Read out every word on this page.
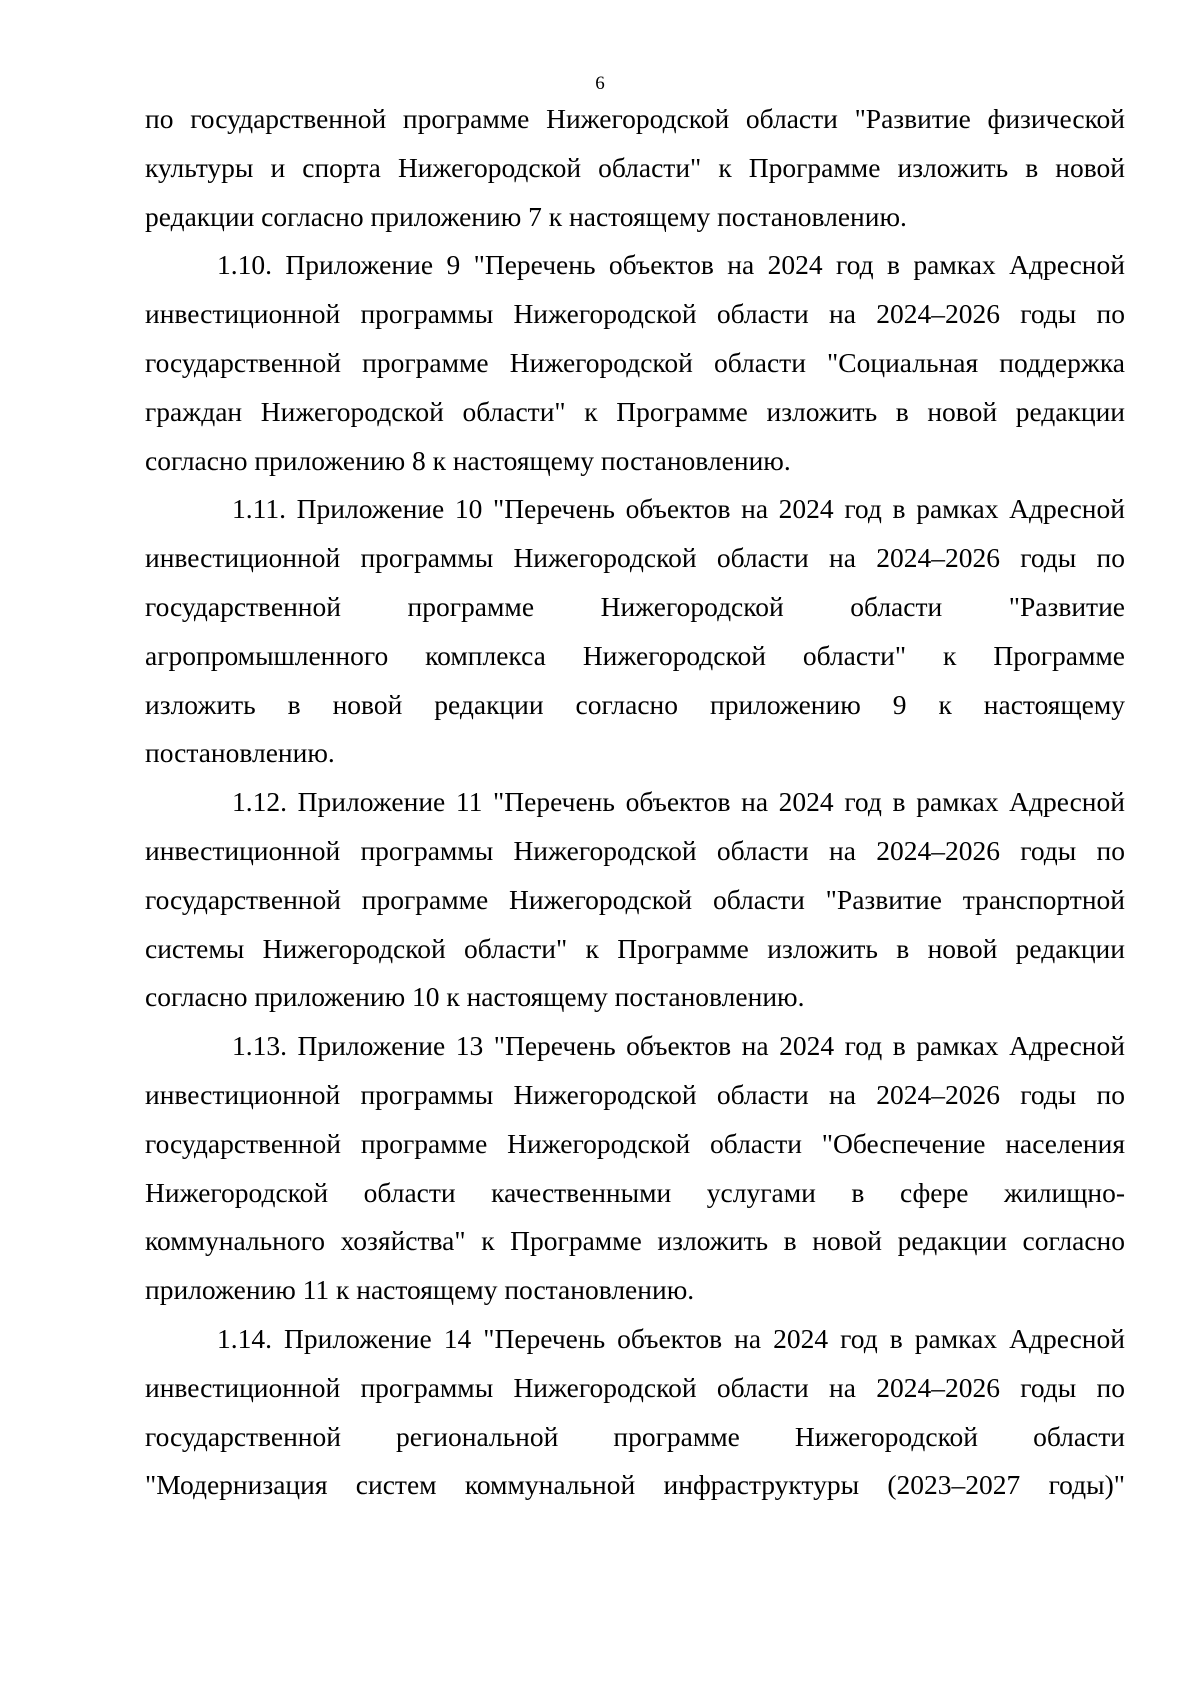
6

по государственной программе Нижегородской области "Развитие физической
культуры и спорта Нижегородской области" к Программе изложить в новой
редакции согласно приложению 7 к настоящему постановлению.

1.10. Приложение 9 "Перечень объектов на 2024 год в рамках Адресной
инвестиционной программы Нижегородской области на 2024–2026 годы по
государственной программе Нижегородской области "Социальная поддержка
граждан Нижегородской области" к Программе изложить в новой редакции
согласно приложению 8 к настоящему постановлению.

1.11. Приложение 10 "Перечень объектов на 2024 год в рамках Адресной
инвестиционной программы Нижегородской области на 2024–2026 годы по
государственной программе Нижегородской области "Развитие
агропромышленного комплекса Нижегородской области" к Программе
изложить в новой редакции согласно приложению 9 к настоящему
постановлению.

1.12. Приложение 11 "Перечень объектов на 2024 год в рамках Адресной
инвестиционной программы Нижегородской области на 2024–2026 годы по
государственной программе Нижегородской области "Развитие транспортной
системы Нижегородской области" к Программе изложить в новой редакции
согласно приложению 10 к настоящему постановлению.

1.13. Приложение 13 "Перечень объектов на 2024 год в рамках Адресной
инвестиционной программы Нижегородской области на 2024–2026 годы по
государственной программе Нижегородской области "Обеспечение населения
Нижегородской области качественными услугами в сфере жилищно-
коммунального хозяйства" к Программе изложить в новой редакции согласно
приложению 11 к настоящему постановлению.

1.14. Приложение 14 "Перечень объектов на 2024 год в рамках Адресной
инвестиционной программы Нижегородской области на 2024–2026 годы по
государственной региональной программе Нижегородской области
"Модернизация систем коммунальной инфраструктуры (2023–2027 годы)"
